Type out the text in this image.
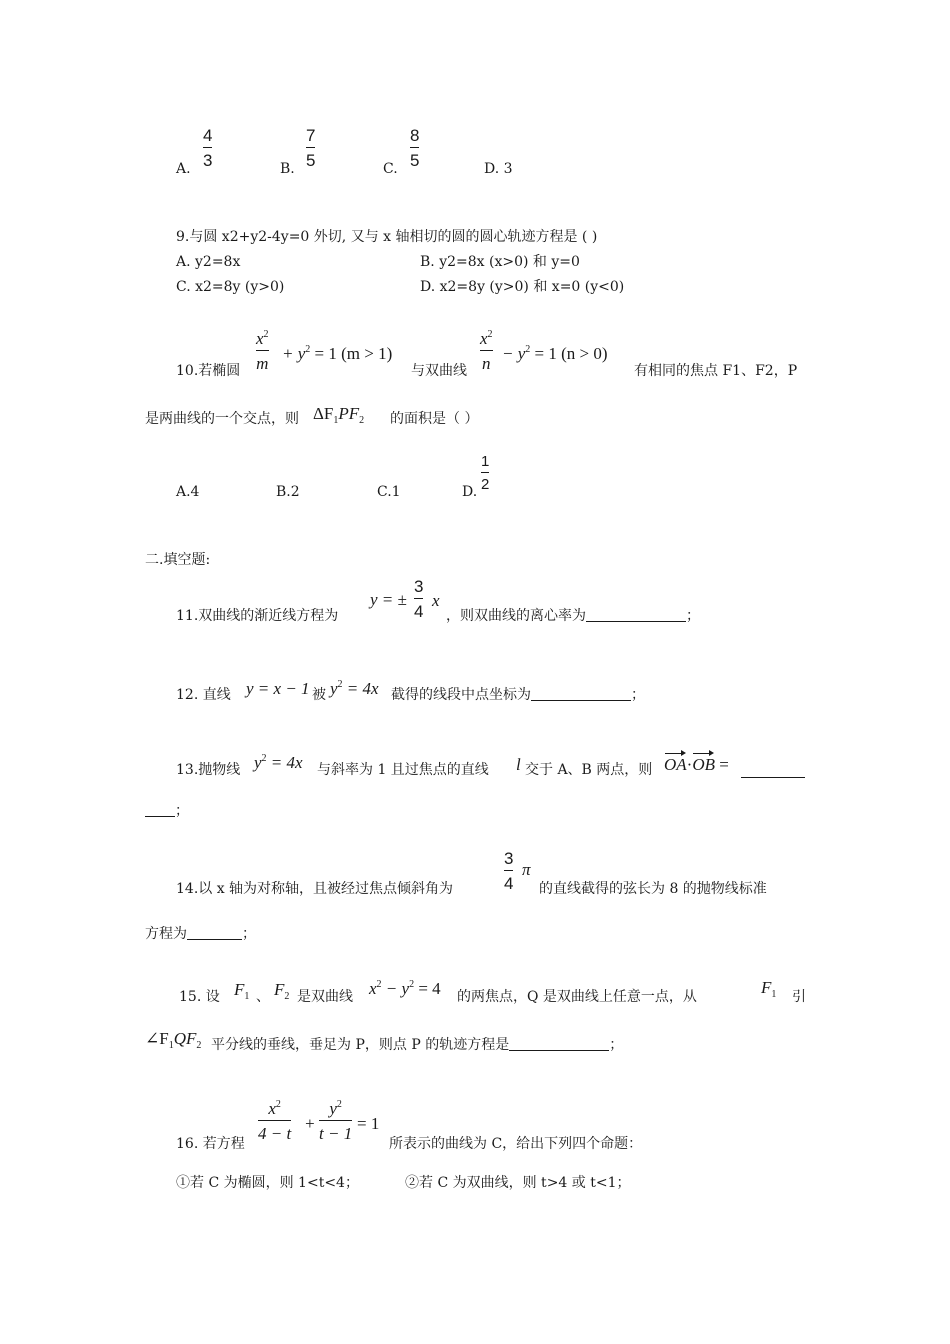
A.
4
3	B.
7
5	C.
8
5	D. 3
9.与圆 x2+y2-4y=0 外切, 又与 x 轴相切的圆的圆心轨迹方程是 ( )
A. y2=8x	B. y2=8x (x>0) 和 y=0
C. x2=8y (y>0)	D. x2=8y (y>0) 和 x=0 (y<0)
10.若椭圆
$x^2$
m
+ $y^2 = 1$ (m > 1)
与双曲线
$x^2$
n
− $y^2 = 1$ (n > 0)
有相同的焦点 F1、F2，P
是两曲线的一个交点，则 $\Delta F_1PF_2$ 的面积是（ ）
A.4	B.2	C.1	D.
1
2
二.填空题:
11.双曲线的渐近线方程为
y = ±
3
4
x
，则双曲线的离心率为	；
12. 直线 y = x − 1 被 $y^2 = 4x$ 截得的线段中点坐标为	；
13.抛物线 $y^2 = 4x$ 与斜率为 1 且过焦点的直线 l 交于 A、B 两点，则 OA·OB =
；
14.以 x 轴为对称轴，且被经过焦点倾斜角为
3
4
π
的直线截得的弦长为 8 的抛物线标准
方程为	；
15. 设 $F_1$ 、 $F_2$ 是双曲线 $x^2 - y^2 = 4$ 的两焦点，Q 是双曲线上任意一点，从	$F_1$ 引
$\angle F_1QF_2$ 平分线的垂线，垂足为 P，则点 P 的轨迹方程是	；
16. 若方程
$x^2$
4 − t
+
$y^2$
t − 1
= 1
所表示的曲线为 C，给出下列四个命题：
①若 C 为椭圆，则 1<t<4；	②若 C 为双曲线，则 t>4 或 t<1；
